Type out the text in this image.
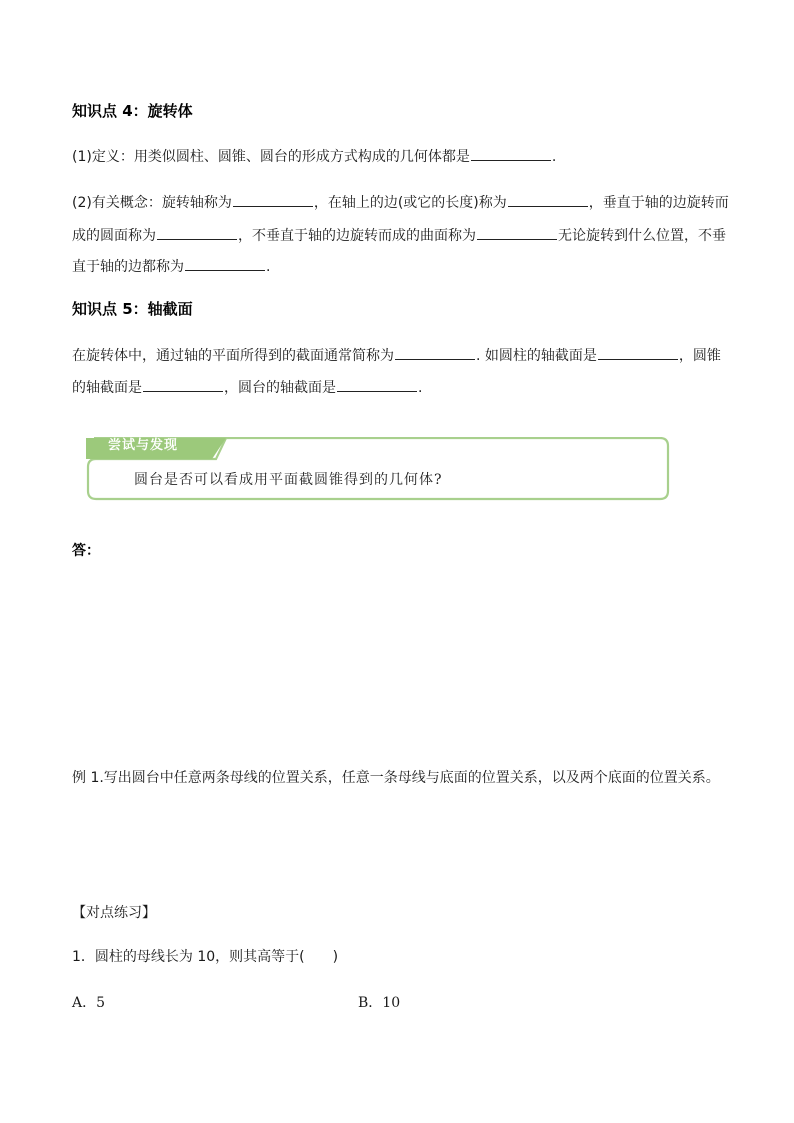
知识点 4：旋转体
(1)定义：用类似圆柱、圆锥、圆台的形成方式构成的几何体都是	.
(2)有关概念：旋转轴称为	，在轴上的边(或它的长度)称为	，垂直于轴的边旋转而
成的圆面称为	，不垂直于轴的边旋转而成的曲面称为	无论旋转到什么位置，不垂
直于轴的边都称为	.
知识点 5：轴截面
在旋转体中，通过轴的平面所得到的截面通常简称为	. 如圆柱的轴截面是	，圆锥
的轴截面是	，圆台的轴截面是	.
尝试与发现
圆台是否可以看成用平面截圆锥得到的几何体?
答：
例 1.写出圆台中任意两条母线的位置关系，任意一条母线与底面的位置关系，以及两个底面的位置关系。
【对点练习】
1．圆柱的母线长为 10，则其高等于(　　)
A．5	B．10
